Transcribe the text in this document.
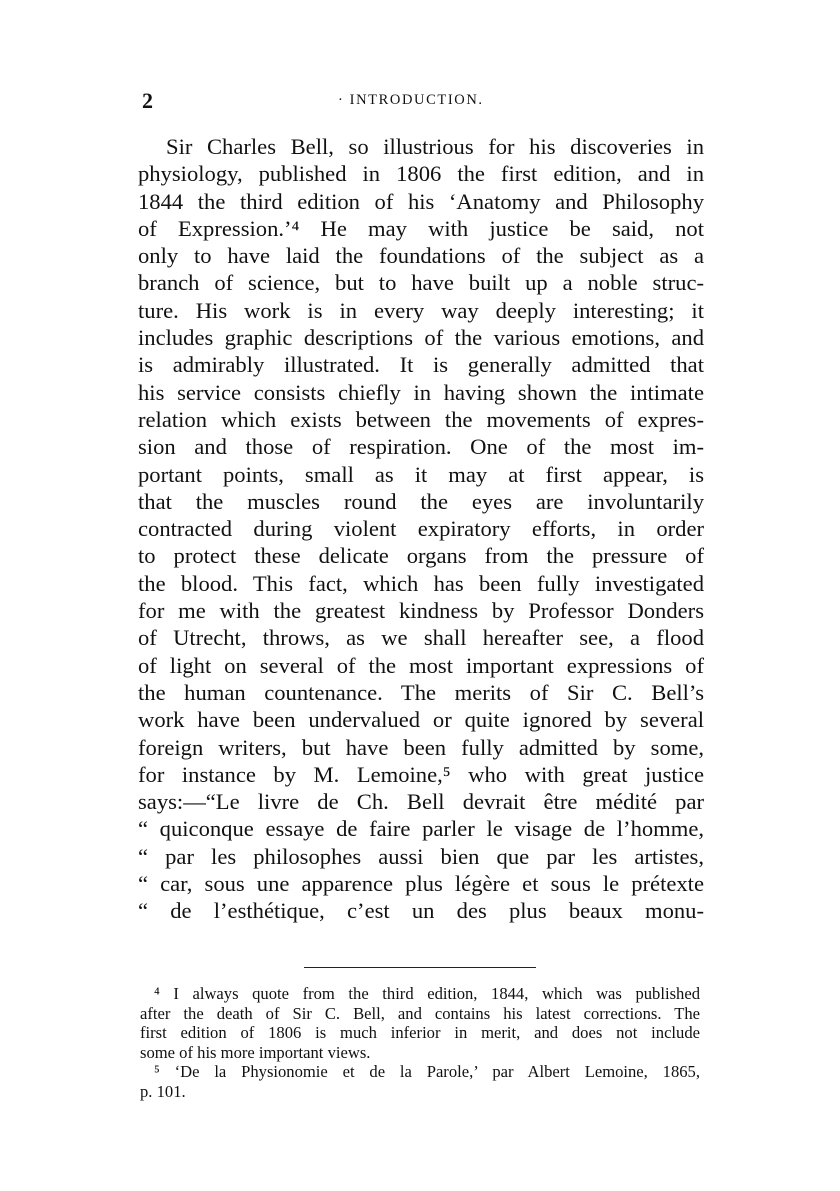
2	· INTRODUCTION.
Sir Charles Bell, so illustrious for his discoveries in
physiology, published in 1806 the first edition, and in
1844 the third edition of his ‘Anatomy and Philosophy
of Expression.’⁴ He may with justice be said, not
only to have laid the foundations of the subject as a
branch of science, but to have built up a noble struc-
ture. His work is in every way deeply interesting; it
includes graphic descriptions of the various emotions, and
is admirably illustrated. It is generally admitted that
his service consists chiefly in having shown the intimate
relation which exists between the movements of expres-
sion and those of respiration. One of the most im-
portant points, small as it may at first appear, is
that the muscles round the eyes are involuntarily
contracted during violent expiratory efforts, in order
to protect these delicate organs from the pressure of
the blood. This fact, which has been fully investigated
for me with the greatest kindness by Professor Donders
of Utrecht, throws, as we shall hereafter see, a flood
of light on several of the most important expressions of
the human countenance. The merits of Sir C. Bell’s
work have been undervalued or quite ignored by several
foreign writers, but have been fully admitted by some,
for instance by M. Lemoine,⁵ who with great justice
says:—“Le livre de Ch. Bell devrait être médité par
“ quiconque essaye de faire parler le visage de l’homme,
“ par les philosophes aussi bien que par les artistes,
“ car, sous une apparence plus légère et sous le prétexte
“ de l’esthétique, c’est un des plus beaux monu-
⁴ I always quote from the third edition, 1844, which was published
after the death of Sir C. Bell, and contains his latest corrections. The
first edition of 1806 is much inferior in merit, and does not include
some of his more important views.
⁵ ‘De la Physionomie et de la Parole,’ par Albert Lemoine, 1865,
p. 101.
